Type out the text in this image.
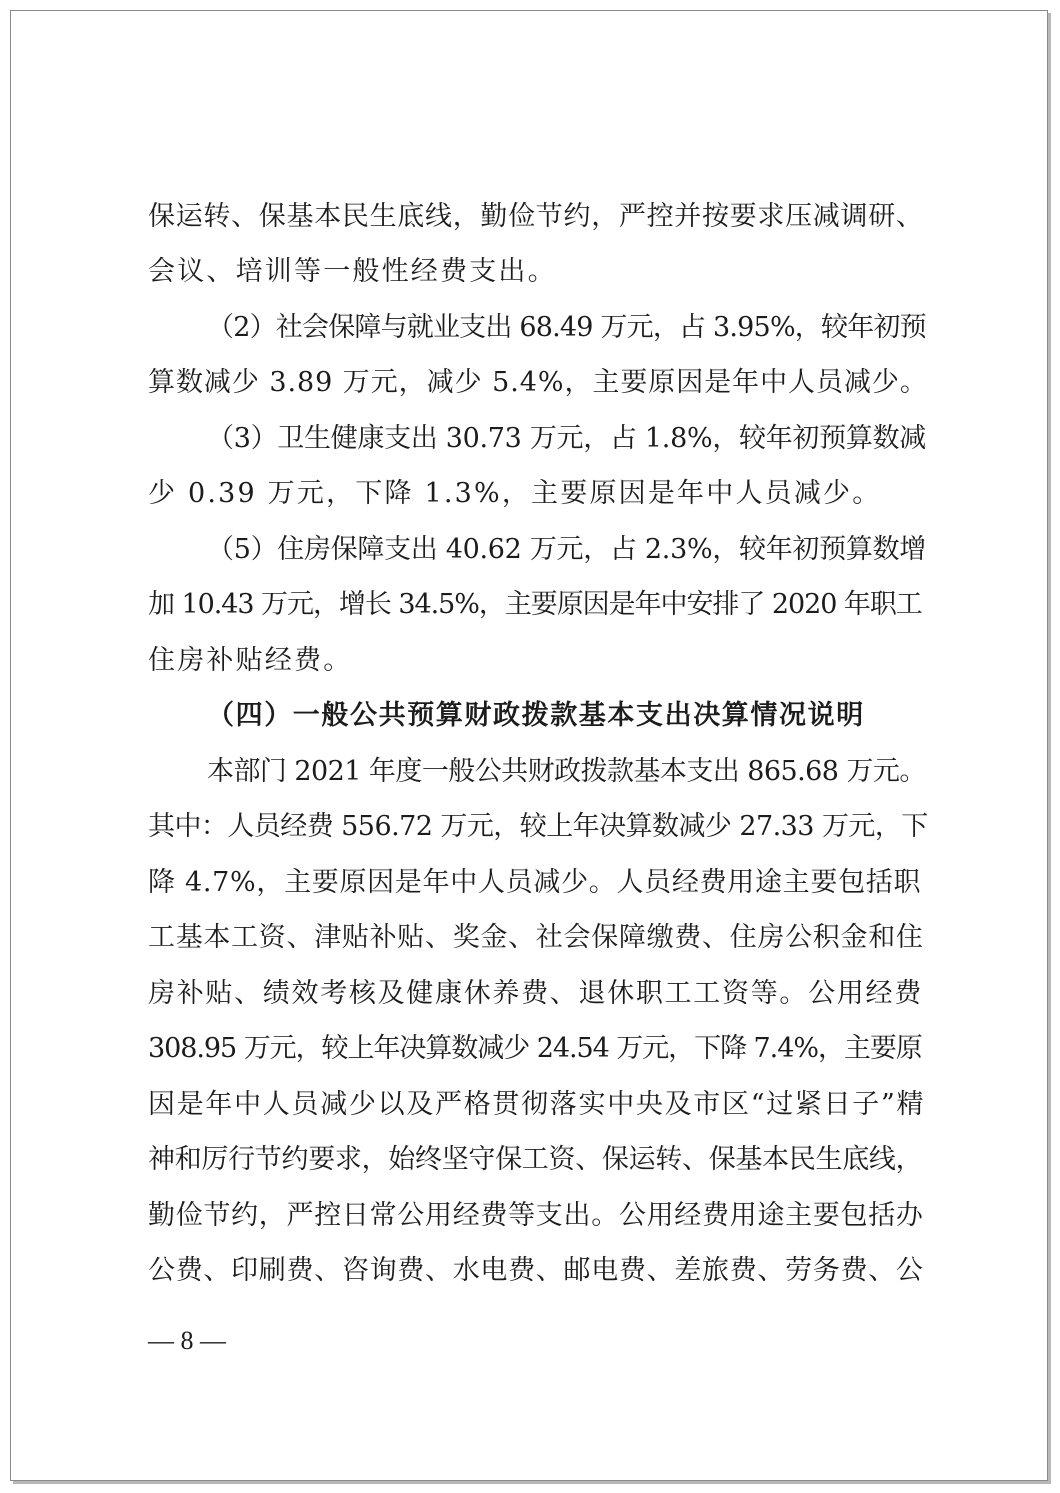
保运转、保基本民生底线，勤俭节约，严控并按要求压减调研、
会议、培训等一般性经费支出。
（2）社会保障与就业支出 68.49 万元，占 3.95%，较年初预
算数减少 3.89 万元，减少 5.4%，主要原因是年中人员减少。
（3）卫生健康支出 30.73 万元，占 1.8%，较年初预算数减
少 0.39 万元，下降 1.3%，主要原因是年中人员减少。
（5）住房保障支出 40.62 万元，占 2.3%，较年初预算数增
加 10.43 万元，增长 34.5%，主要原因是年中安排了 2020 年职工
住房补贴经费。
（四）一般公共预算财政拨款基本支出决算情况说明
本部门 2021 年度一般公共财政拨款基本支出 865.68 万元。
其中：人员经费 556.72 万元，较上年决算数减少 27.33 万元，下
降 4.7%，主要原因是年中人员减少。人员经费用途主要包括职
工基本工资、津贴补贴、奖金、社会保障缴费、住房公积金和住
房补贴、绩效考核及健康休养费、退休职工工资等。公用经费
308.95 万元，较上年决算数减少 24.54 万元，下降 7.4%，主要原
因是年中人员减少以及严格贯彻落实中央及市区“过紧日子”精
神和厉行节约要求，始终坚守保工资、保运转、保基本民生底线，
勤俭节约，严控日常公用经费等支出。公用经费用途主要包括办
公费、印刷费、咨询费、水电费、邮电费、差旅费、劳务费、公
— 8 —
